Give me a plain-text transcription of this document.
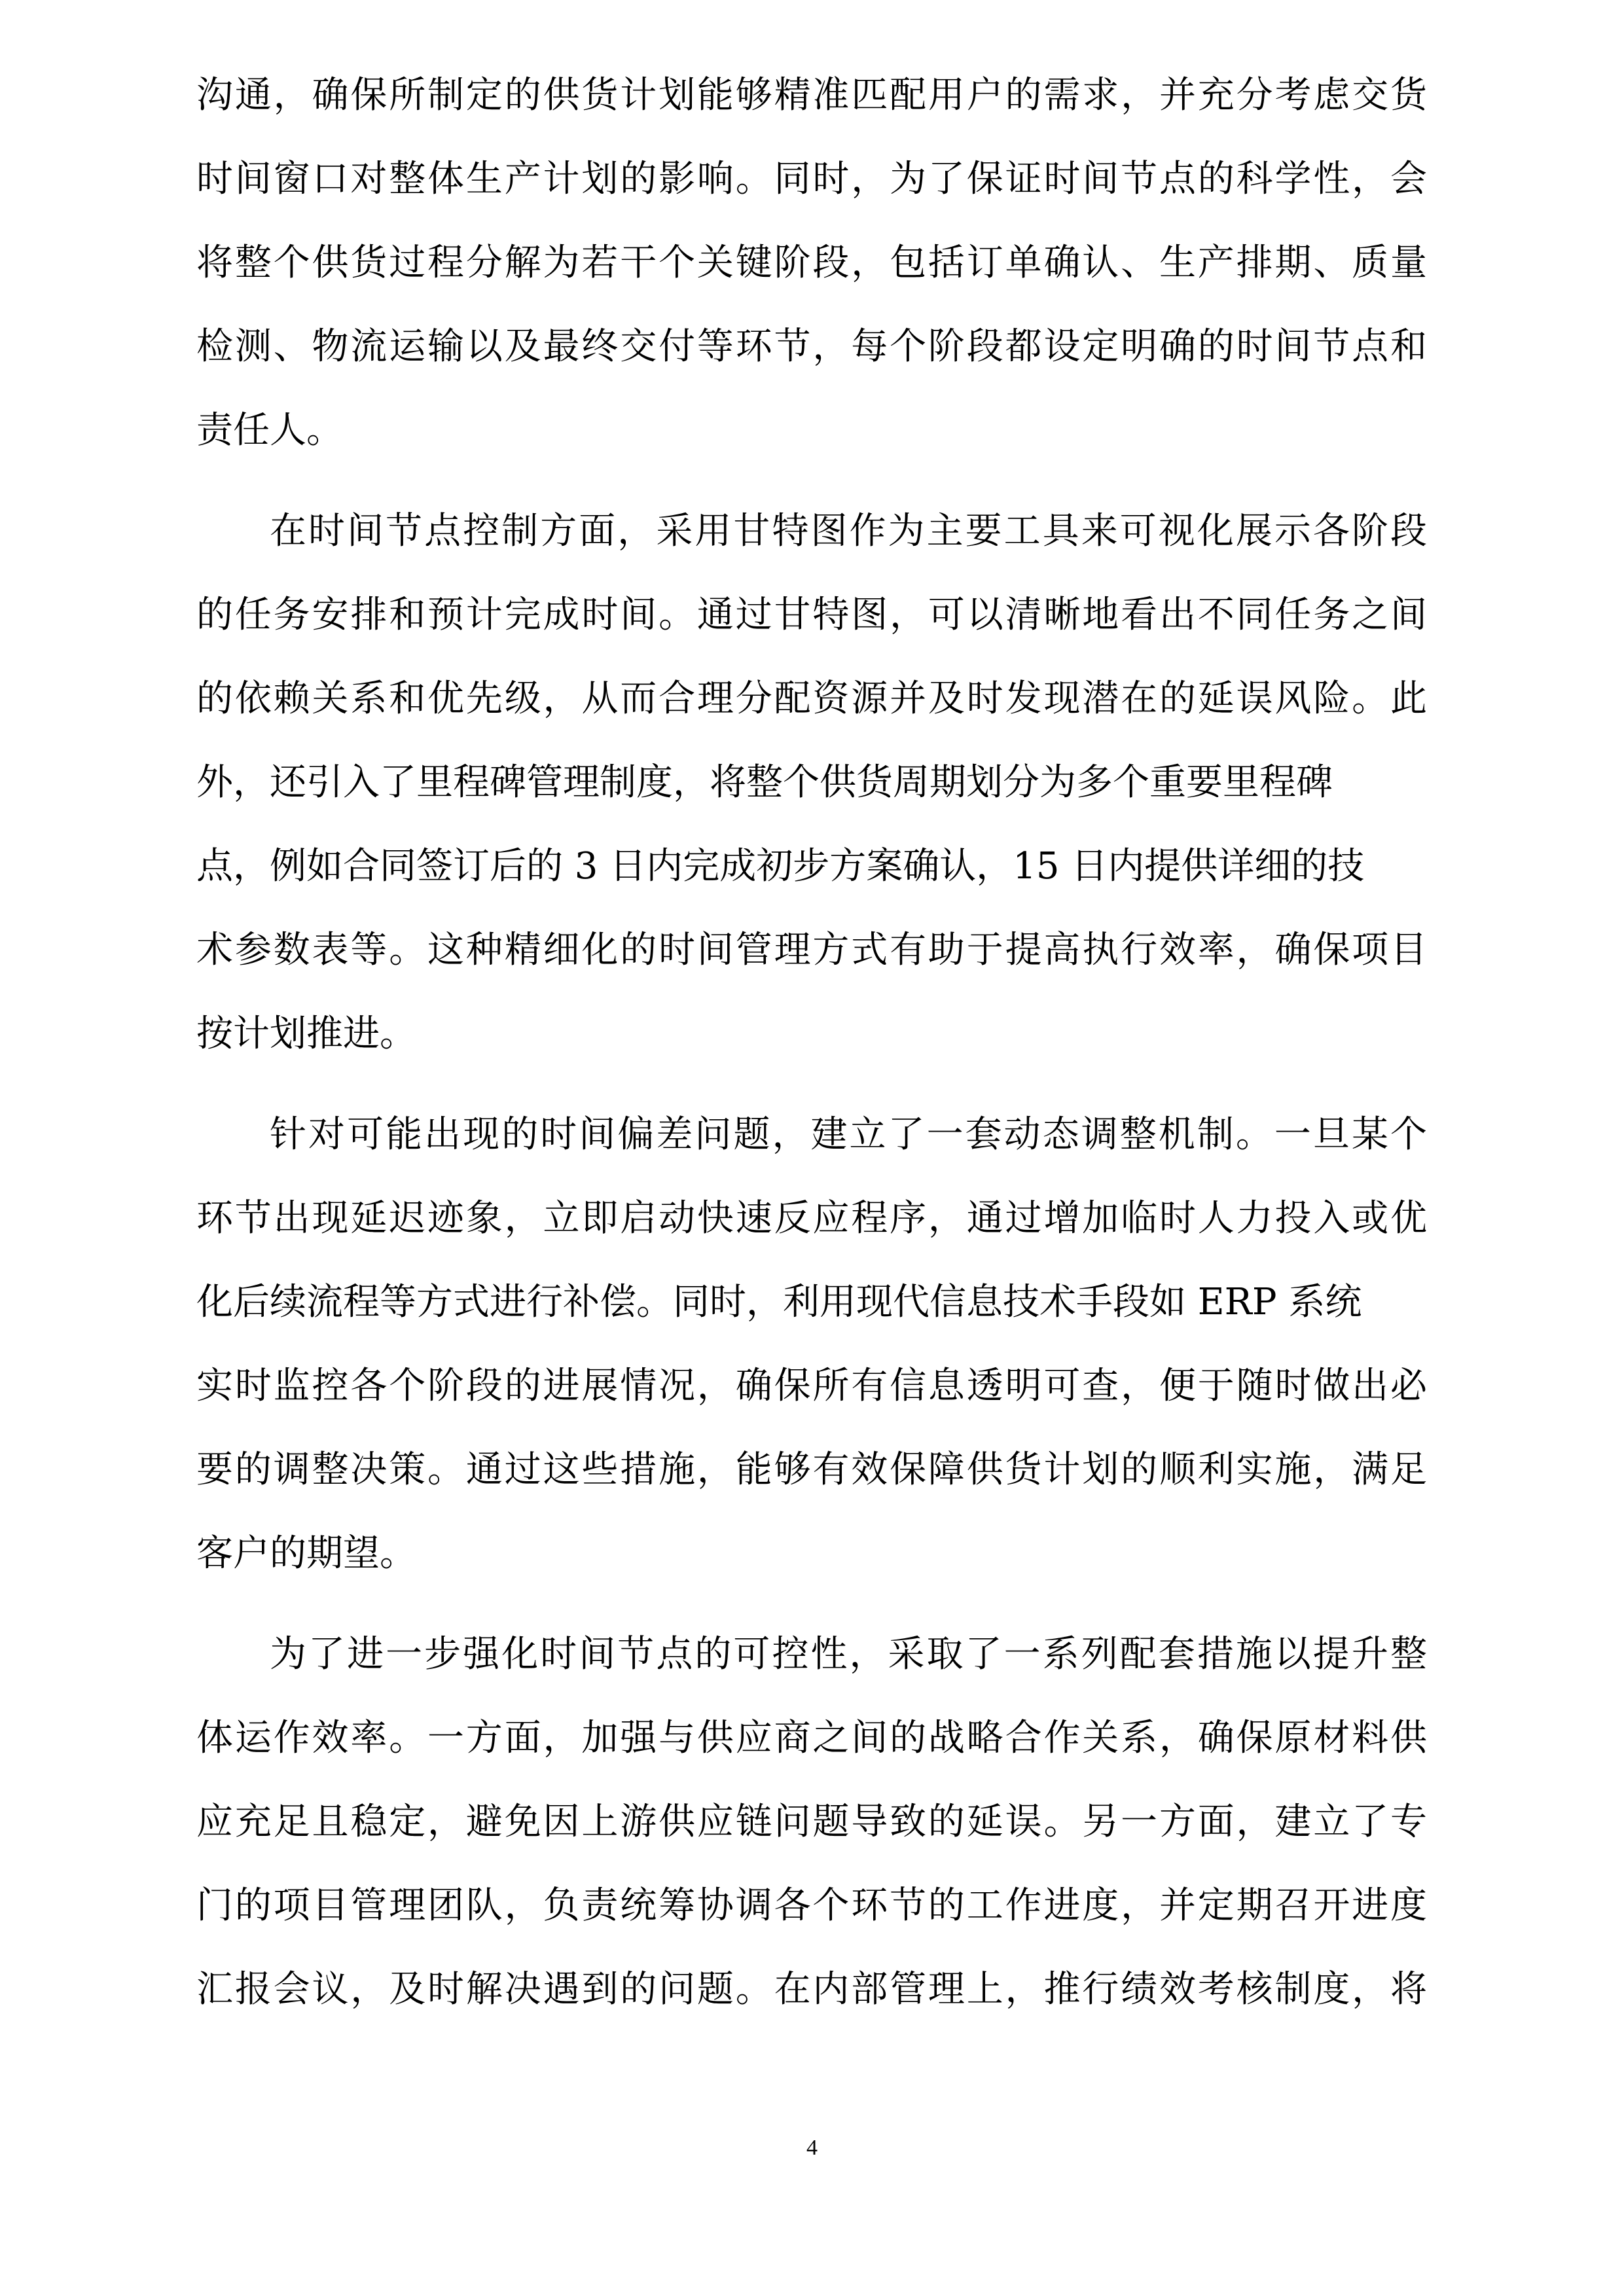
沟通，确保所制定的供货计划能够精准匹配用户的需求，并充分考虑交货
时间窗口对整体生产计划的影响。同时，为了保证时间节点的科学性，会
将整个供货过程分解为若干个关键阶段，包括订单确认、生产排期、质量
检测、物流运输以及最终交付等环节，每个阶段都设定明确的时间节点和
责任人。
在时间节点控制方面，采用甘特图作为主要工具来可视化展示各阶段
的任务安排和预计完成时间。通过甘特图，可以清晰地看出不同任务之间
的依赖关系和优先级，从而合理分配资源并及时发现潜在的延误风险。此
外，还引入了里程碑管理制度，将整个供货周期划分为多个重要里程碑
点，例如合同签订后的 3 日内完成初步方案确认，15 日内提供详细的技
术参数表等。这种精细化的时间管理方式有助于提高执行效率，确保项目
按计划推进。
针对可能出现的时间偏差问题，建立了一套动态调整机制。一旦某个
环节出现延迟迹象，立即启动快速反应程序，通过增加临时人力投入或优
化后续流程等方式进行补偿。同时，利用现代信息技术手段如 ERP 系统
实时监控各个阶段的进展情况，确保所有信息透明可查，便于随时做出必
要的调整决策。通过这些措施，能够有效保障供货计划的顺利实施，满足
客户的期望。
为了进一步强化时间节点的可控性，采取了一系列配套措施以提升整
体运作效率。一方面，加强与供应商之间的战略合作关系，确保原材料供
应充足且稳定，避免因上游供应链问题导致的延误。另一方面，建立了专
门的项目管理团队，负责统筹协调各个环节的工作进度，并定期召开进度
汇报会议，及时解决遇到的问题。在内部管理上，推行绩效考核制度，将
4
